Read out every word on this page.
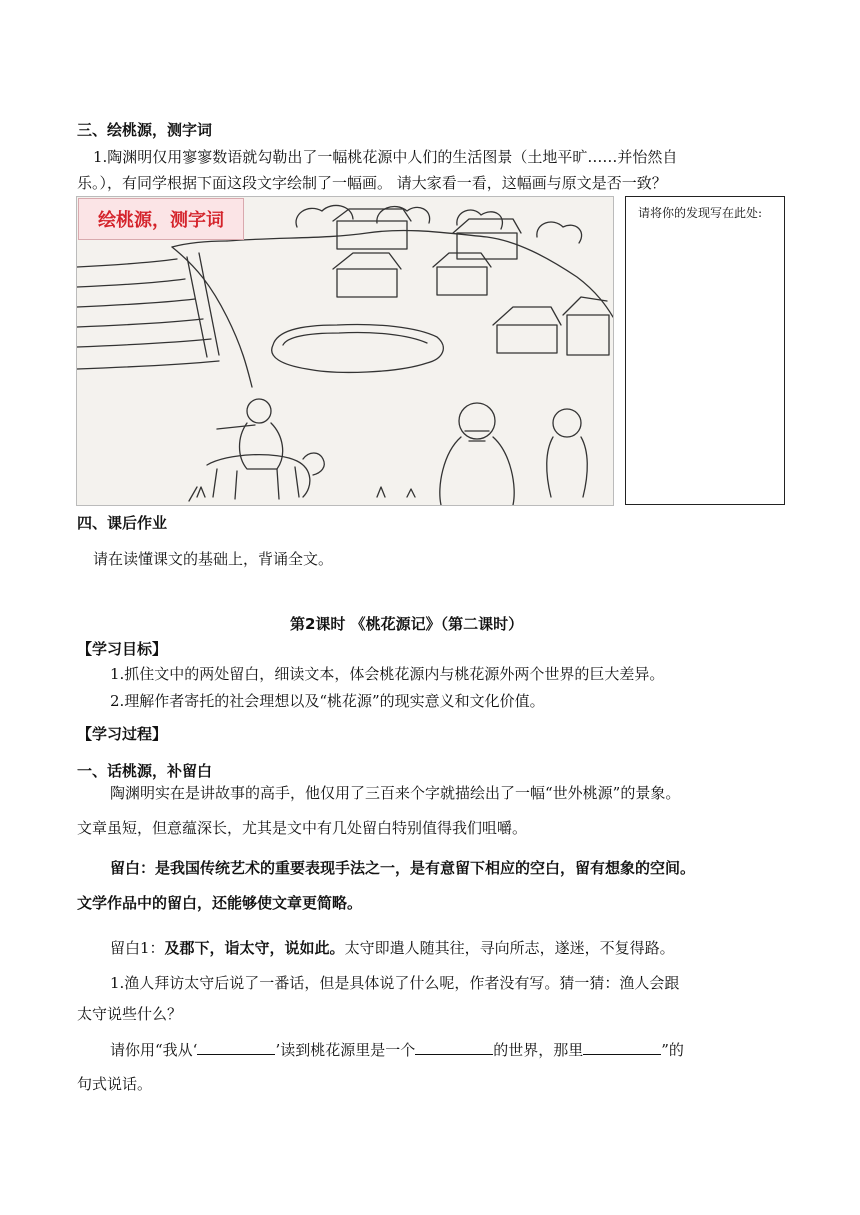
三、绘桃源，测字词
1.陶渊明仅用寥寥数语就勾勒出了一幅桃花源中人们的生活图景（土地平旷……并怡然自
乐。），有同学根据下面这段文字绘制了一幅画。 请大家看一看，这幅画与原文是否一致？
绘桃源，测字词	请将你的发现写在此处:
四、课后作业
请在读懂课文的基础上，背诵全文。
第2课时 《桃花源记》（第二课时）
【学习目标】
1.抓住文中的两处留白，细读文本，体会桃花源内与桃花源外两个世界的巨大差异。
2.理解作者寄托的社会理想以及“桃花源”的现实意义和文化价值。
【学习过程】
一、话桃源，补留白
陶渊明实在是讲故事的高手，他仅用了三百来个字就描绘出了一幅“世外桃源”的景象。
文章虽短，但意蕴深长，尤其是文中有几处留白特别值得我们咀嚼。
留白：是我国传统艺术的重要表现手法之一，是有意留下相应的空白，留有想象的空间。
文学作品中的留白，还能够使文章更简略。
留白1：及郡下，诣太守，说如此。太守即遣人随其往，寻向所志，遂迷，不复得路。
1.渔人拜访太守后说了一番话，但是具体说了什么呢，作者没有写。猜一猜：渔人会跟
太守说些什么？
请你用“我从‘	’读到桃花源里是一个	的世界，那里	”的
句式说话。
